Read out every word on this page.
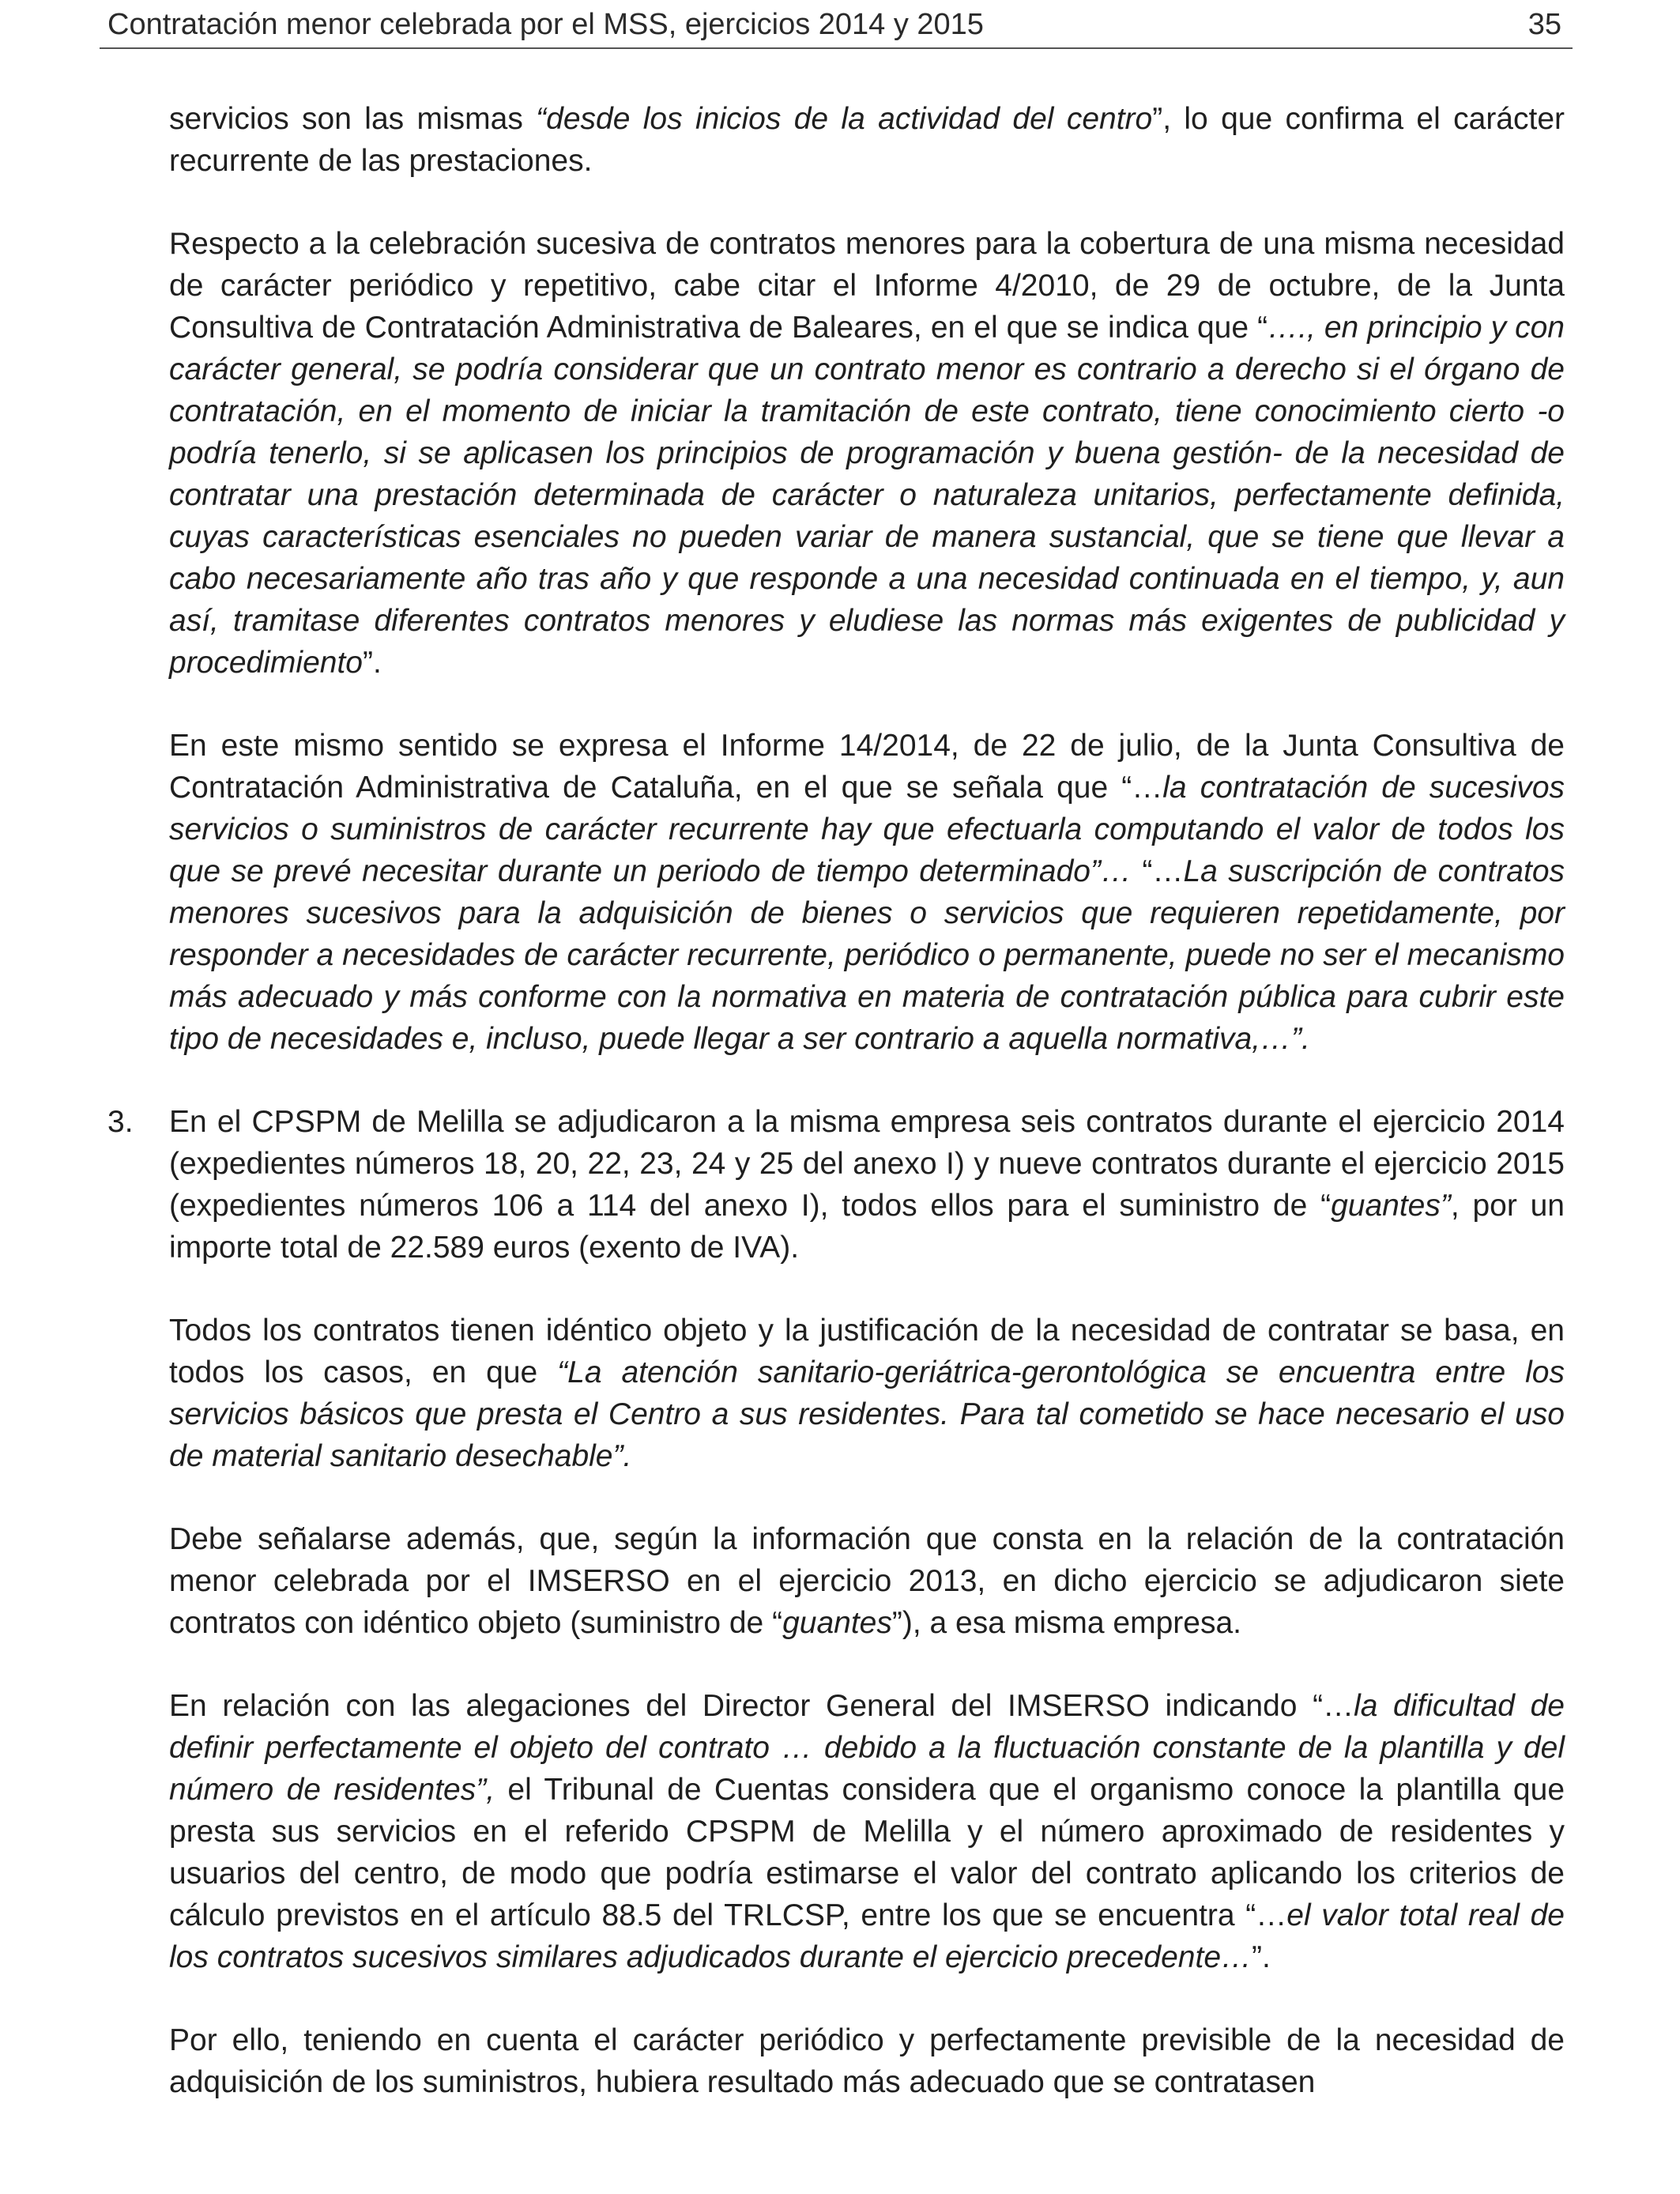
Contratación menor celebrada por el MSS, ejercicios 2014 y 2015	35

servicios son las mismas “desde los inicios de la actividad del centro”, lo que confirma el carácter recurrente de las prestaciones.

Respecto a la celebración sucesiva de contratos menores para la cobertura de una misma necesidad de carácter periódico y repetitivo, cabe citar el Informe 4/2010, de 29 de octubre, de la Junta Consultiva de Contratación Administrativa de Baleares, en el que se indica que “…., en principio y con carácter general, se podría considerar que un contrato menor es contrario a derecho si el órgano de contratación, en el momento de iniciar la tramitación de este contrato, tiene conocimiento cierto -o podría tenerlo, si se aplicasen los principios de programación y buena gestión- de la necesidad de contratar una prestación determinada de carácter o naturaleza unitarios, perfectamente definida, cuyas características esenciales no pueden variar de manera sustancial, que se tiene que llevar a cabo necesariamente año tras año y que responde a una necesidad continuada en el tiempo, y, aun así, tramitase diferentes contratos menores y eludiese las normas más exigentes de publicidad y procedimiento”.

En este mismo sentido se expresa el Informe 14/2014, de 22 de julio, de la Junta Consultiva de Contratación Administrativa de Cataluña, en el que se señala que “…la contratación de sucesivos servicios o suministros de carácter recurrente hay que efectuarla computando el valor de todos los que se prevé necesitar durante un periodo de tiempo determinado”… “…La suscripción de contratos menores sucesivos para la adquisición de bienes o servicios que requieren repetidamente, por responder a necesidades de carácter recurrente, periódico o permanente, puede no ser el mecanismo más adecuado y más conforme con la normativa en materia de contratación pública para cubrir este tipo de necesidades e, incluso, puede llegar a ser contrario a aquella normativa,…”.

3. En el CPSPM de Melilla se adjudicaron a la misma empresa seis contratos durante el ejercicio 2014 (expedientes números 18, 20, 22, 23, 24 y 25 del anexo I) y nueve contratos durante el ejercicio 2015 (expedientes números 106 a 114 del anexo I), todos ellos para el suministro de “guantes”, por un importe total de 22.589 euros (exento de IVA).

Todos los contratos tienen idéntico objeto y la justificación de la necesidad de contratar se basa, en todos los casos, en que “La atención sanitario-geriátrica-gerontológica se encuentra entre los servicios básicos que presta el Centro a sus residentes. Para tal cometido se hace necesario el uso de material sanitario desechable”.

Debe señalarse además, que, según la información que consta en la relación de la contratación menor celebrada por el IMSERSO en el ejercicio 2013, en dicho ejercicio se adjudicaron siete contratos con idéntico objeto (suministro de “guantes”), a esa misma empresa.

En relación con las alegaciones del Director General del IMSERSO indicando “…la dificultad de definir perfectamente el objeto del contrato … debido a la fluctuación constante de la plantilla y del número de residentes”, el Tribunal de Cuentas considera que el organismo conoce la plantilla que presta sus servicios en el referido CPSPM de Melilla y el número aproximado de residentes y usuarios del centro, de modo que podría estimarse el valor del contrato aplicando los criterios de cálculo previstos en el artículo 88.5 del TRLCSP, entre los que se encuentra “…el valor total real de los contratos sucesivos similares adjudicados durante el ejercicio precedente…”.

Por ello, teniendo en cuenta el carácter periódico y perfectamente previsible de la necesidad de adquisición de los suministros, hubiera resultado más adecuado que se contratasen
